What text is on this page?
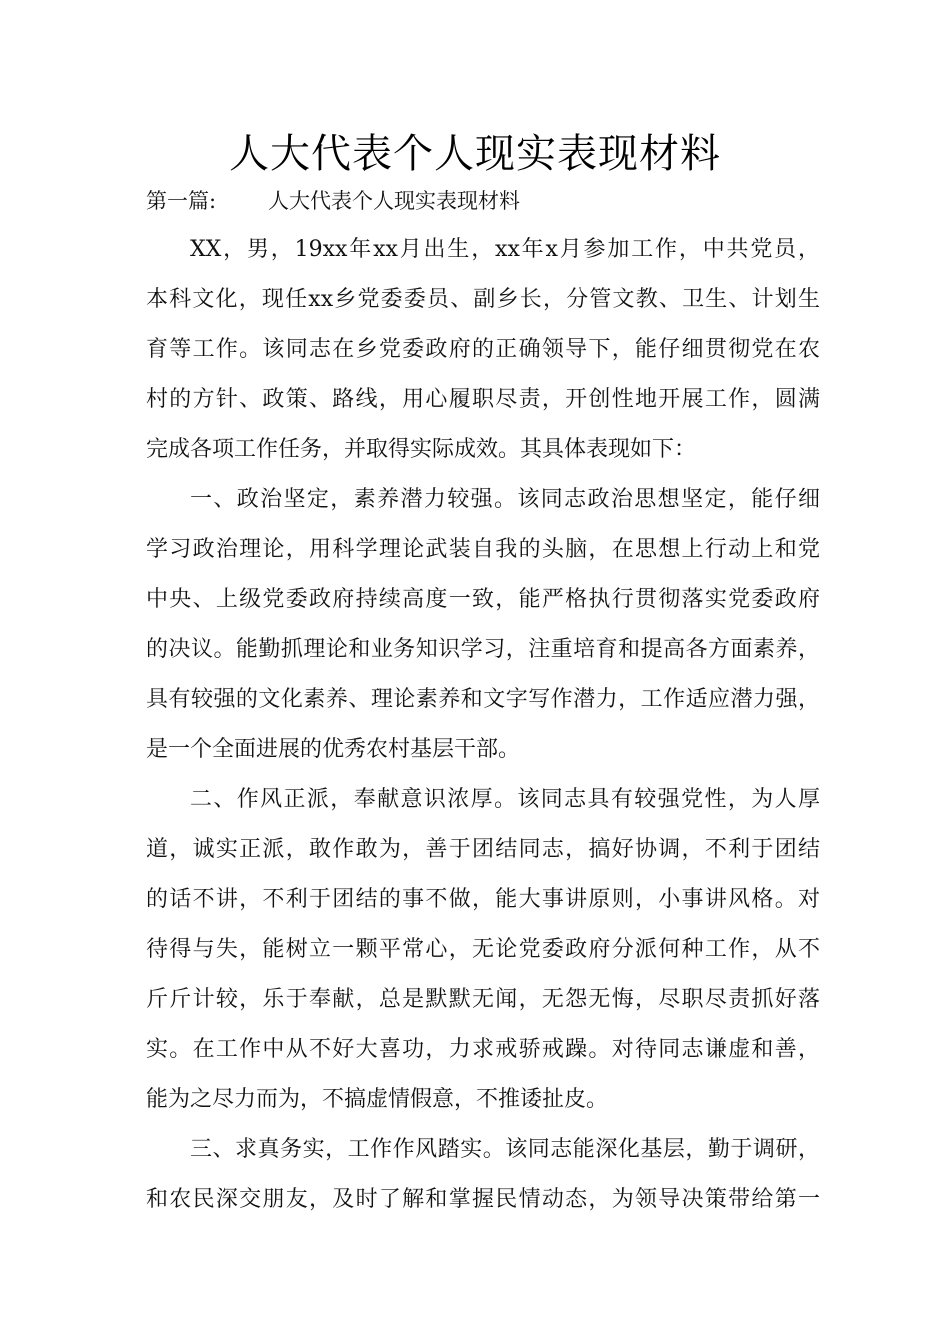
人大代表个人现实表现材料
第一篇: 人大代表个人现实表现材料
XX，男，19xx年xx月出生，xx年x月参加工作，中共党员，
本科文化，现任xx乡党委委员、副乡长，分管文教、卫生、计划生
育等工作。该同志在乡党委政府的正确领导下，能仔细贯彻党在农
村的方针、政策、路线，用心履职尽责，开创性地开展工作，圆满
完成各项工作任务，并取得实际成效。其具体表现如下：
一、政治坚定，素养潜力较强。该同志政治思想坚定，能仔细
学习政治理论，用科学理论武装自我的头脑，在思想上行动上和党
中央、上级党委政府持续高度一致，能严格执行贯彻落实党委政府
的决议。能勤抓理论和业务知识学习，注重培育和提高各方面素养，
具有较强的文化素养、理论素养和文字写作潜力，工作适应潜力强，
是一个全面进展的优秀农村基层干部。
二、作风正派，奉献意识浓厚。该同志具有较强党性，为人厚
道，诚实正派，敢作敢为，善于团结同志，搞好协调，不利于团结
的话不讲，不利于团结的事不做，能大事讲原则，小事讲风格。对
待得与失，能树立一颗平常心，无论党委政府分派何种工作，从不
斤斤计较，乐于奉献，总是默默无闻，无怨无悔，尽职尽责抓好落
实。在工作中从不好大喜功，力求戒骄戒躁。对待同志谦虚和善，
能为之尽力而为，不搞虚情假意，不推诿扯皮。
三、求真务实，工作作风踏实。该同志能深化基层，勤于调研，
和农民深交朋友，及时了解和掌握民情动态，为领导决策带给第一
